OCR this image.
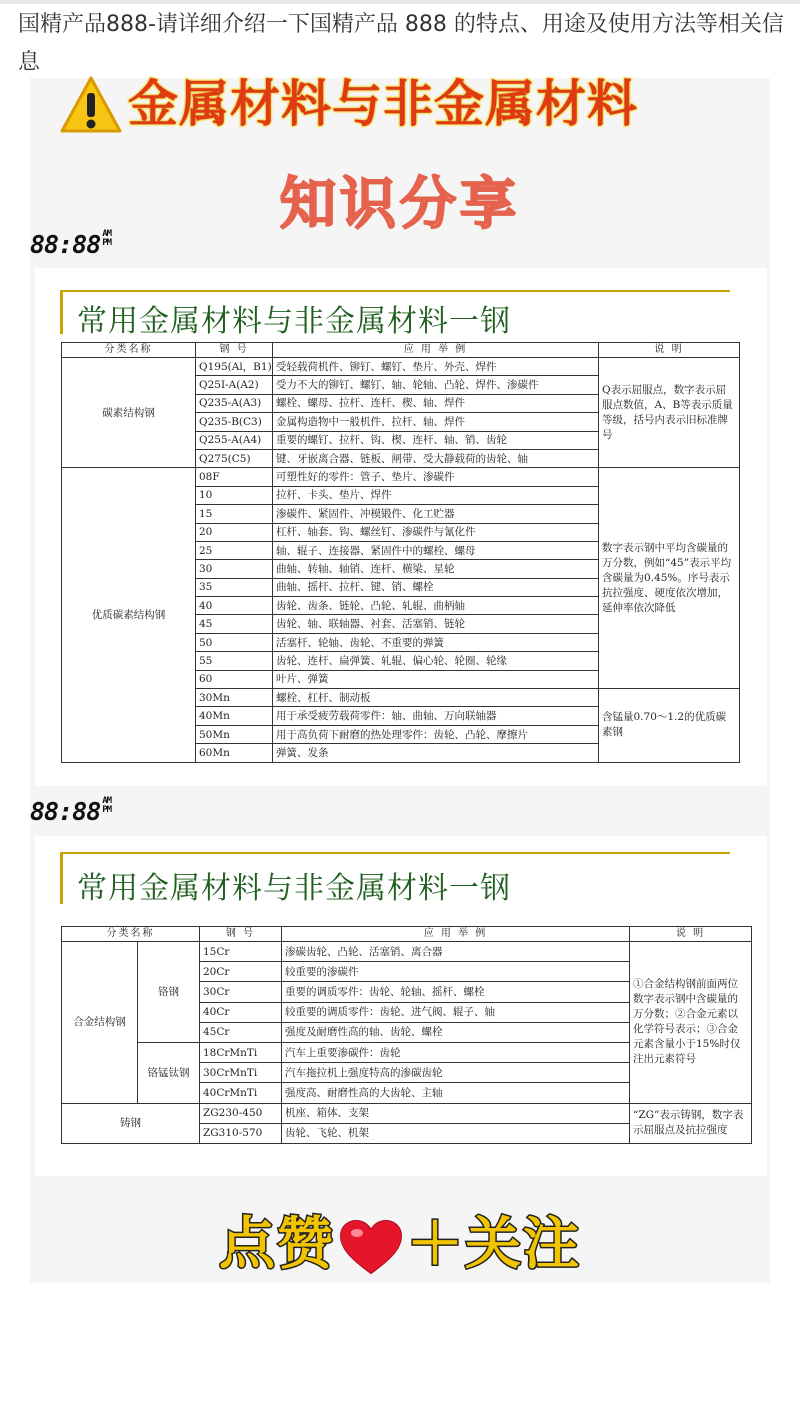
国精产品888-请详细介绍一下国精产品 888 的特点、用途及使用方法等相关信息
金属材料与非金属材料
知识分享
88:88 AM PM
常用金属材料与非金属材料一钢
分类名称	钢 号	应 用 举 例	说 明
碳素结构钢	Q195(Al，B1)	受轻载荷机件、铆钉、螺钉、垫片、外壳、焊件	Q表示屈服点，数字表示屈服点数值，A、B等表示质量等级，括号内表示旧标准牌号
	Q25I-A(A2)	受力不大的铆钉、螺钉、轴、轮轴、凸轮、焊件、渗碳件	
	Q235-A(A3)	螺栓、螺母、拉杆、连杆、楔、轴、焊件	
	Q235-B(C3)	金属构造物中一般机件、拉杆、轴、焊件	
	Q255-A(A4)	重要的螺钉、拉杆、钩、楔、连杆、轴、销、齿轮	
	Q275(C5)	键、牙嵌离合器、链板、闸带、受大静载荷的齿轮、轴	
优质碳素结构钢	08F	可塑性好的零件：管子、垫片、渗碳件	数字表示钢中平均含碳量的万分数，例如“45”表示平均含碳量为0.45%。序号表示抗拉强度、硬度依次增加，延伸率依次降低
	10	拉杆、卡头、垫片、焊件	
	15	渗碳件、紧固件、冲模锻件、化工贮器	
	20	杠杆、轴套、钩、螺丝钉、渗碳件与氰化件	
	25	轴、辊子、连接器、紧固件中的螺栓、螺母	
	30	曲轴、转轴、轴销、连杆、横梁、星轮	
	35	曲轴、摇杆、拉杆、键、销、螺栓	
	40	齿轮、齿条、链轮、凸轮、轧辊、曲柄轴	
	45	齿轮、轴、联轴器、衬套、活塞销、链轮	
	50	活塞杆、轮轴、齿轮、不重要的弹簧	
	55	齿轮、连杆、扁弹簧、轧辊、偏心轮、轮圈、轮缘	
	60	叶片、弹簧	
	30Mn	螺栓、杠杆、制动板	含锰量0.70～1.2的优质碳素钢
	40Mn	用于承受疲劳载荷零件：轴、曲轴、万向联轴器	
	50Mn	用于高负荷下耐磨的热处理零件：齿轮、凸轮、摩擦片	
	60Mn	弹簧、发条	
88:88 AM PM
常用金属材料与非金属材料一钢
分类名称		钢 号	应 用 举 例	说 明
合金结构钢	铬钢	15Cr	渗碳齿轮、凸轮、活塞销、离合器	①合金结构钢前面两位数字表示钢中含碳量的万分数；②合金元素以化学符号表示；③合金元素含量小于15%时仅注出元素符号
		20Cr	较重要的渗碳件	
		30Cr	重要的调质零件：齿轮、轮轴、摇杆、螺栓	
		40Cr	较重要的调质零件：齿轮、进气阀、辊子、轴	
		45Cr	强度及耐磨性高的轴、齿轮、螺栓	
	铬锰钛钢	18CrMnTi	汽车上重要渗碳件：齿轮	
		30CrMnTi	汽车拖拉机上强度特高的渗碳齿轮	
		40CrMnTi	强度高、耐磨性高的大齿轮、主轴	
铸钢		ZG230-450	机座、箱体、支架	“ZG”表示铸钢，数字表示屈服点及抗拉强度
		ZG310-570	齿轮、飞轮、机架	
点赞 ＋关注
